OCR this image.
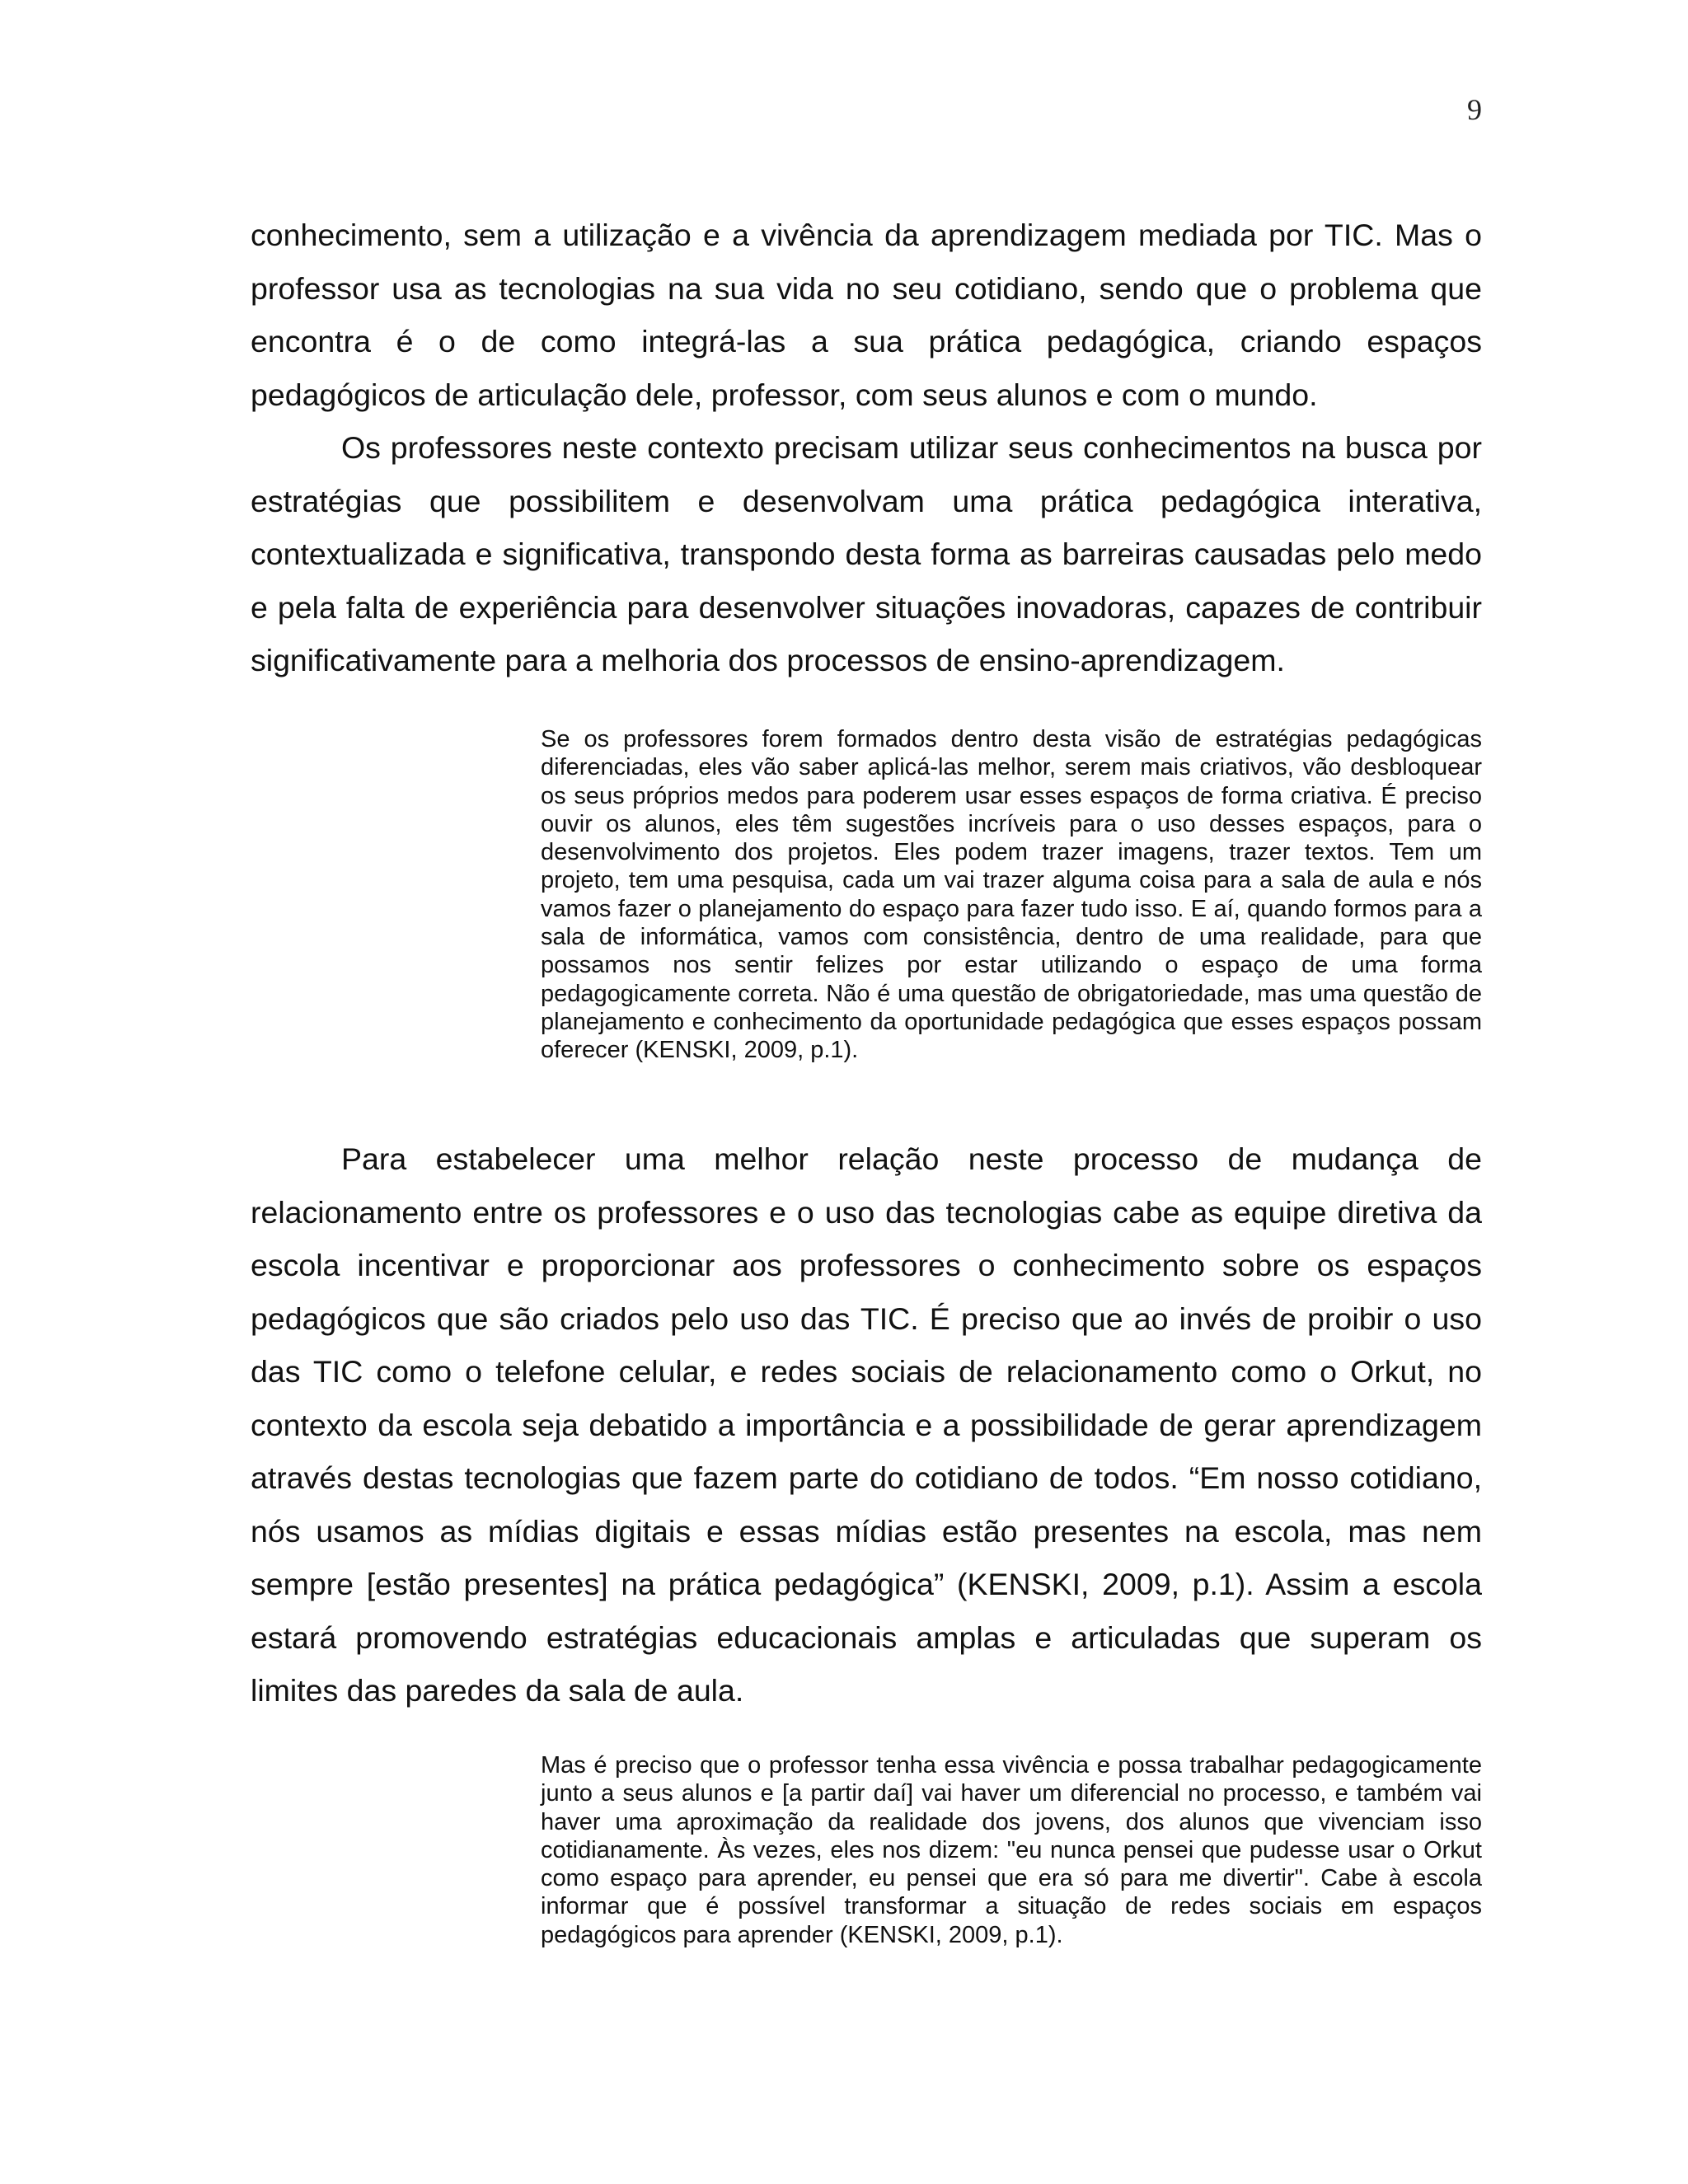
9

conhecimento, sem a utilização e a vivência da aprendizagem mediada por TIC. Mas o professor usa as tecnologias na sua vida no seu cotidiano, sendo que o problema que encontra é o de como integrá-las a sua prática pedagógica, criando espaços pedagógicos de articulação dele, professor, com seus alunos e com o mundo.

Os professores neste contexto precisam utilizar seus conhecimentos na busca por estratégias que possibilitem e desenvolvam uma prática pedagógica interativa, contextualizada e significativa, transpondo desta forma as barreiras causadas pelo medo e pela falta de experiência para desenvolver situações inovadoras, capazes de contribuir significativamente para a melhoria dos processos de ensino-aprendizagem.

Se os professores forem formados dentro desta visão de estratégias pedagógicas diferenciadas, eles vão saber aplicá-las melhor, serem mais criativos, vão desbloquear os seus próprios medos para poderem usar esses espaços de forma criativa. É preciso ouvir os alunos, eles têm sugestões incríveis para o uso desses espaços, para o desenvolvimento dos projetos. Eles podem trazer imagens, trazer textos. Tem um projeto, tem uma pesquisa, cada um vai trazer alguma coisa para a sala de aula e nós vamos fazer o planejamento do espaço para fazer tudo isso. E aí, quando formos para a sala de informática, vamos com consistência, dentro de uma realidade, para que possamos nos sentir felizes por estar utilizando o espaço de uma forma pedagogicamente correta. Não é uma questão de obrigatoriedade, mas uma questão de planejamento e conhecimento da oportunidade pedagógica que esses espaços possam oferecer (KENSKI, 2009, p.1).

Para estabelecer uma melhor relação neste processo de mudança de relacionamento entre os professores e o uso das tecnologias cabe as equipe diretiva da escola incentivar e proporcionar aos professores o conhecimento sobre os espaços pedagógicos que são criados pelo uso das TIC. É preciso que ao invés de proibir o uso das TIC como o telefone celular, e redes sociais de relacionamento como o Orkut, no contexto da escola seja debatido a importância e a possibilidade de gerar aprendizagem através destas tecnologias que fazem parte do cotidiano de todos. “Em nosso cotidiano, nós usamos as mídias digitais e essas mídias estão presentes na escola, mas nem sempre [estão presentes] na prática pedagógica” (KENSKI, 2009, p.1). Assim a escola estará promovendo estratégias educacionais amplas e articuladas que superam os limites das paredes da sala de aula.

Mas é preciso que o professor tenha essa vivência e possa trabalhar pedagogicamente junto a seus alunos e [a partir daí] vai haver um diferencial no processo, e também vai haver uma aproximação da realidade dos jovens, dos alunos que vivenciam isso cotidianamente. Às vezes, eles nos dizem: "eu nunca pensei que pudesse usar o Orkut como espaço para aprender, eu pensei que era só para me divertir". Cabe à escola informar que é possível transformar a situação de redes sociais em espaços pedagógicos para aprender (KENSKI, 2009, p.1).
